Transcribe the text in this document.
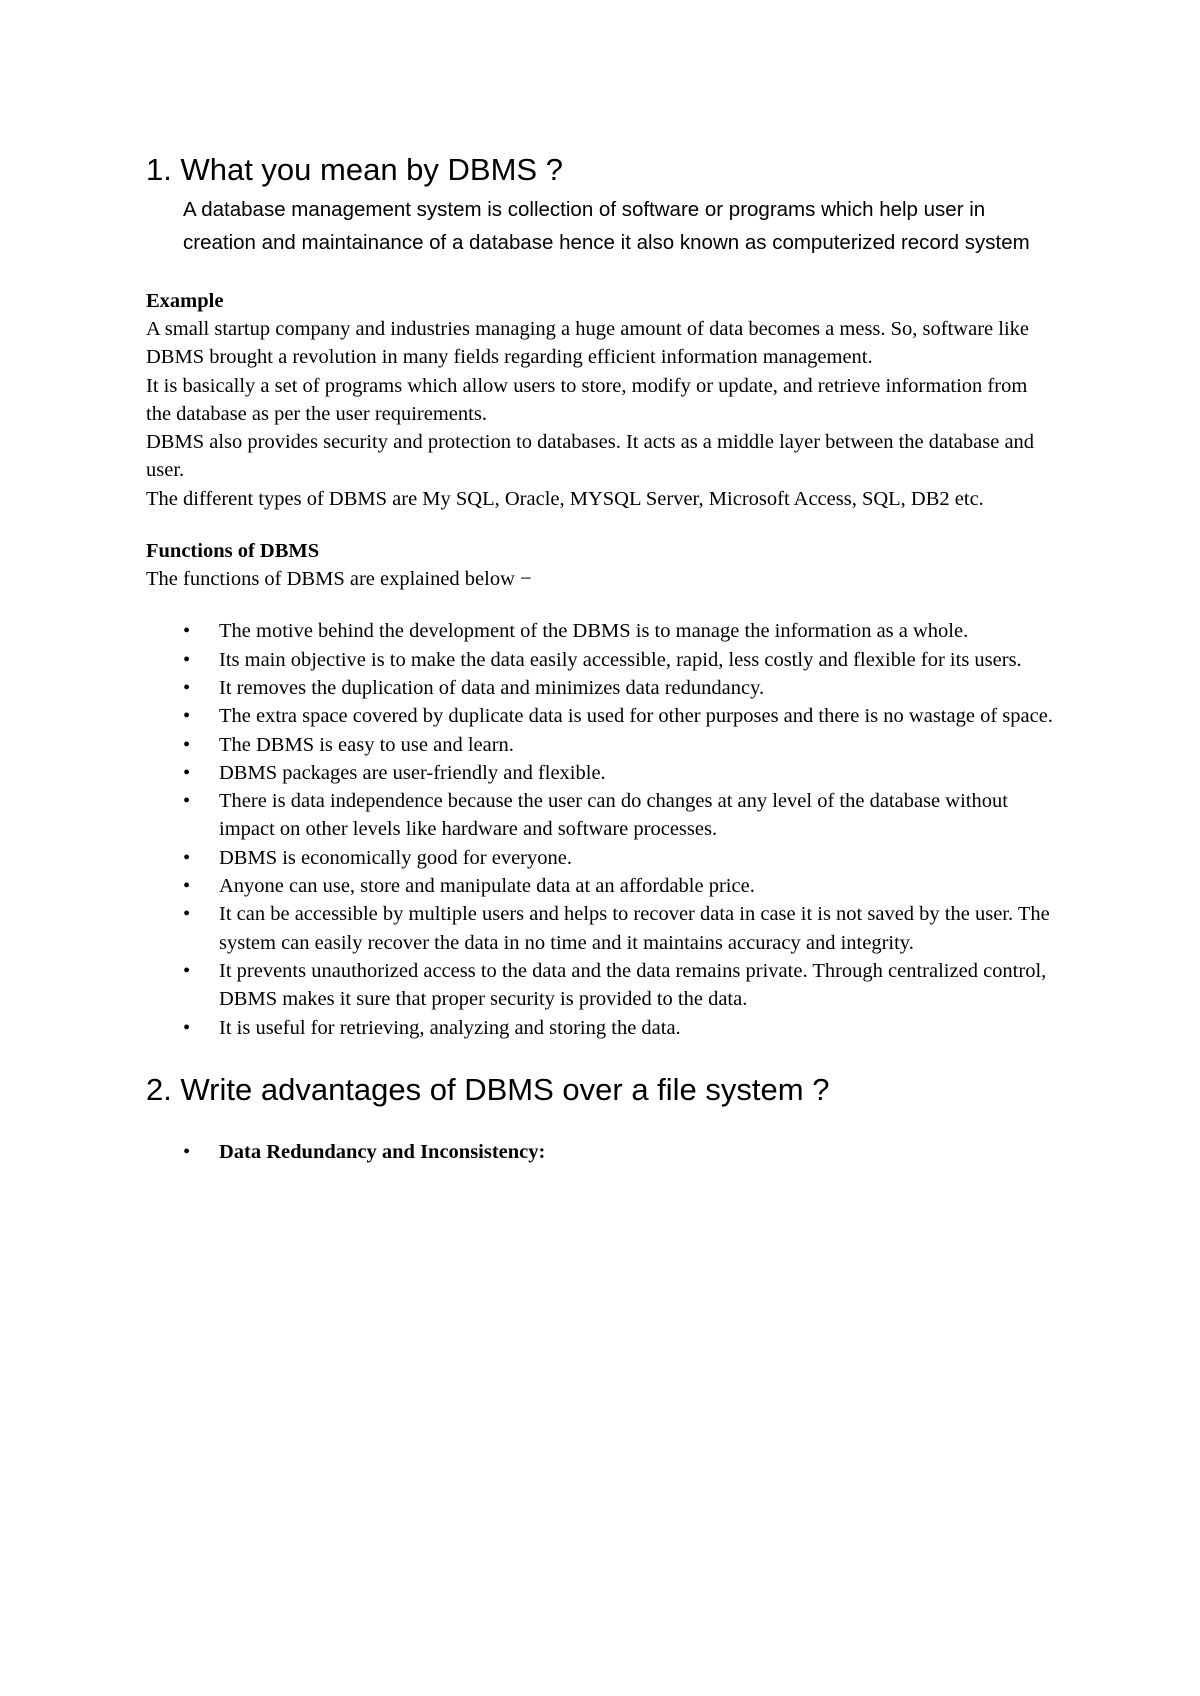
1. What you mean by DBMS ?
A database management system is collection of software or programs which help user in creation and maintainance of a database hence it also known as computerized record system
Example

A small startup company and industries managing a huge amount of data becomes a mess. So, software like DBMS brought a revolution in many fields regarding efficient information management.

It is basically a set of programs which allow users to store, modify or update, and retrieve information from the database as per the user requirements.

DBMS also provides security and protection to databases. It acts as a middle layer between the database and user.

The different types of DBMS are My SQL, Oracle, MYSQL Server, Microsoft Access, SQL, DB2 etc.

Functions of DBMS

The functions of DBMS are explained below −

• The motive behind the development of the DBMS is to manage the information as a whole.
• Its main objective is to make the data easily accessible, rapid, less costly and flexible for its users.
• It removes the duplication of data and minimizes data redundancy.
• The extra space covered by duplicate data is used for other purposes and there is no wastage of space.
• The DBMS is easy to use and learn.
• DBMS packages are user-friendly and flexible.
• There is data independence because the user can do changes at any level of the database without impact on other levels like hardware and software processes.
• DBMS is economically good for everyone.
• Anyone can use, store and manipulate data at an affordable price.
• It can be accessible by multiple users and helps to recover data in case it is not saved by the user. The system can easily recover the data in no time and it maintains accuracy and integrity.
• It prevents unauthorized access to the data and the data remains private. Through centralized control, DBMS makes it sure that proper security is provided to the data.
• It is useful for retrieving, analyzing and storing the data.
2. Write advantages of DBMS over a file system ?
• Data Redundancy and Inconsistency:
